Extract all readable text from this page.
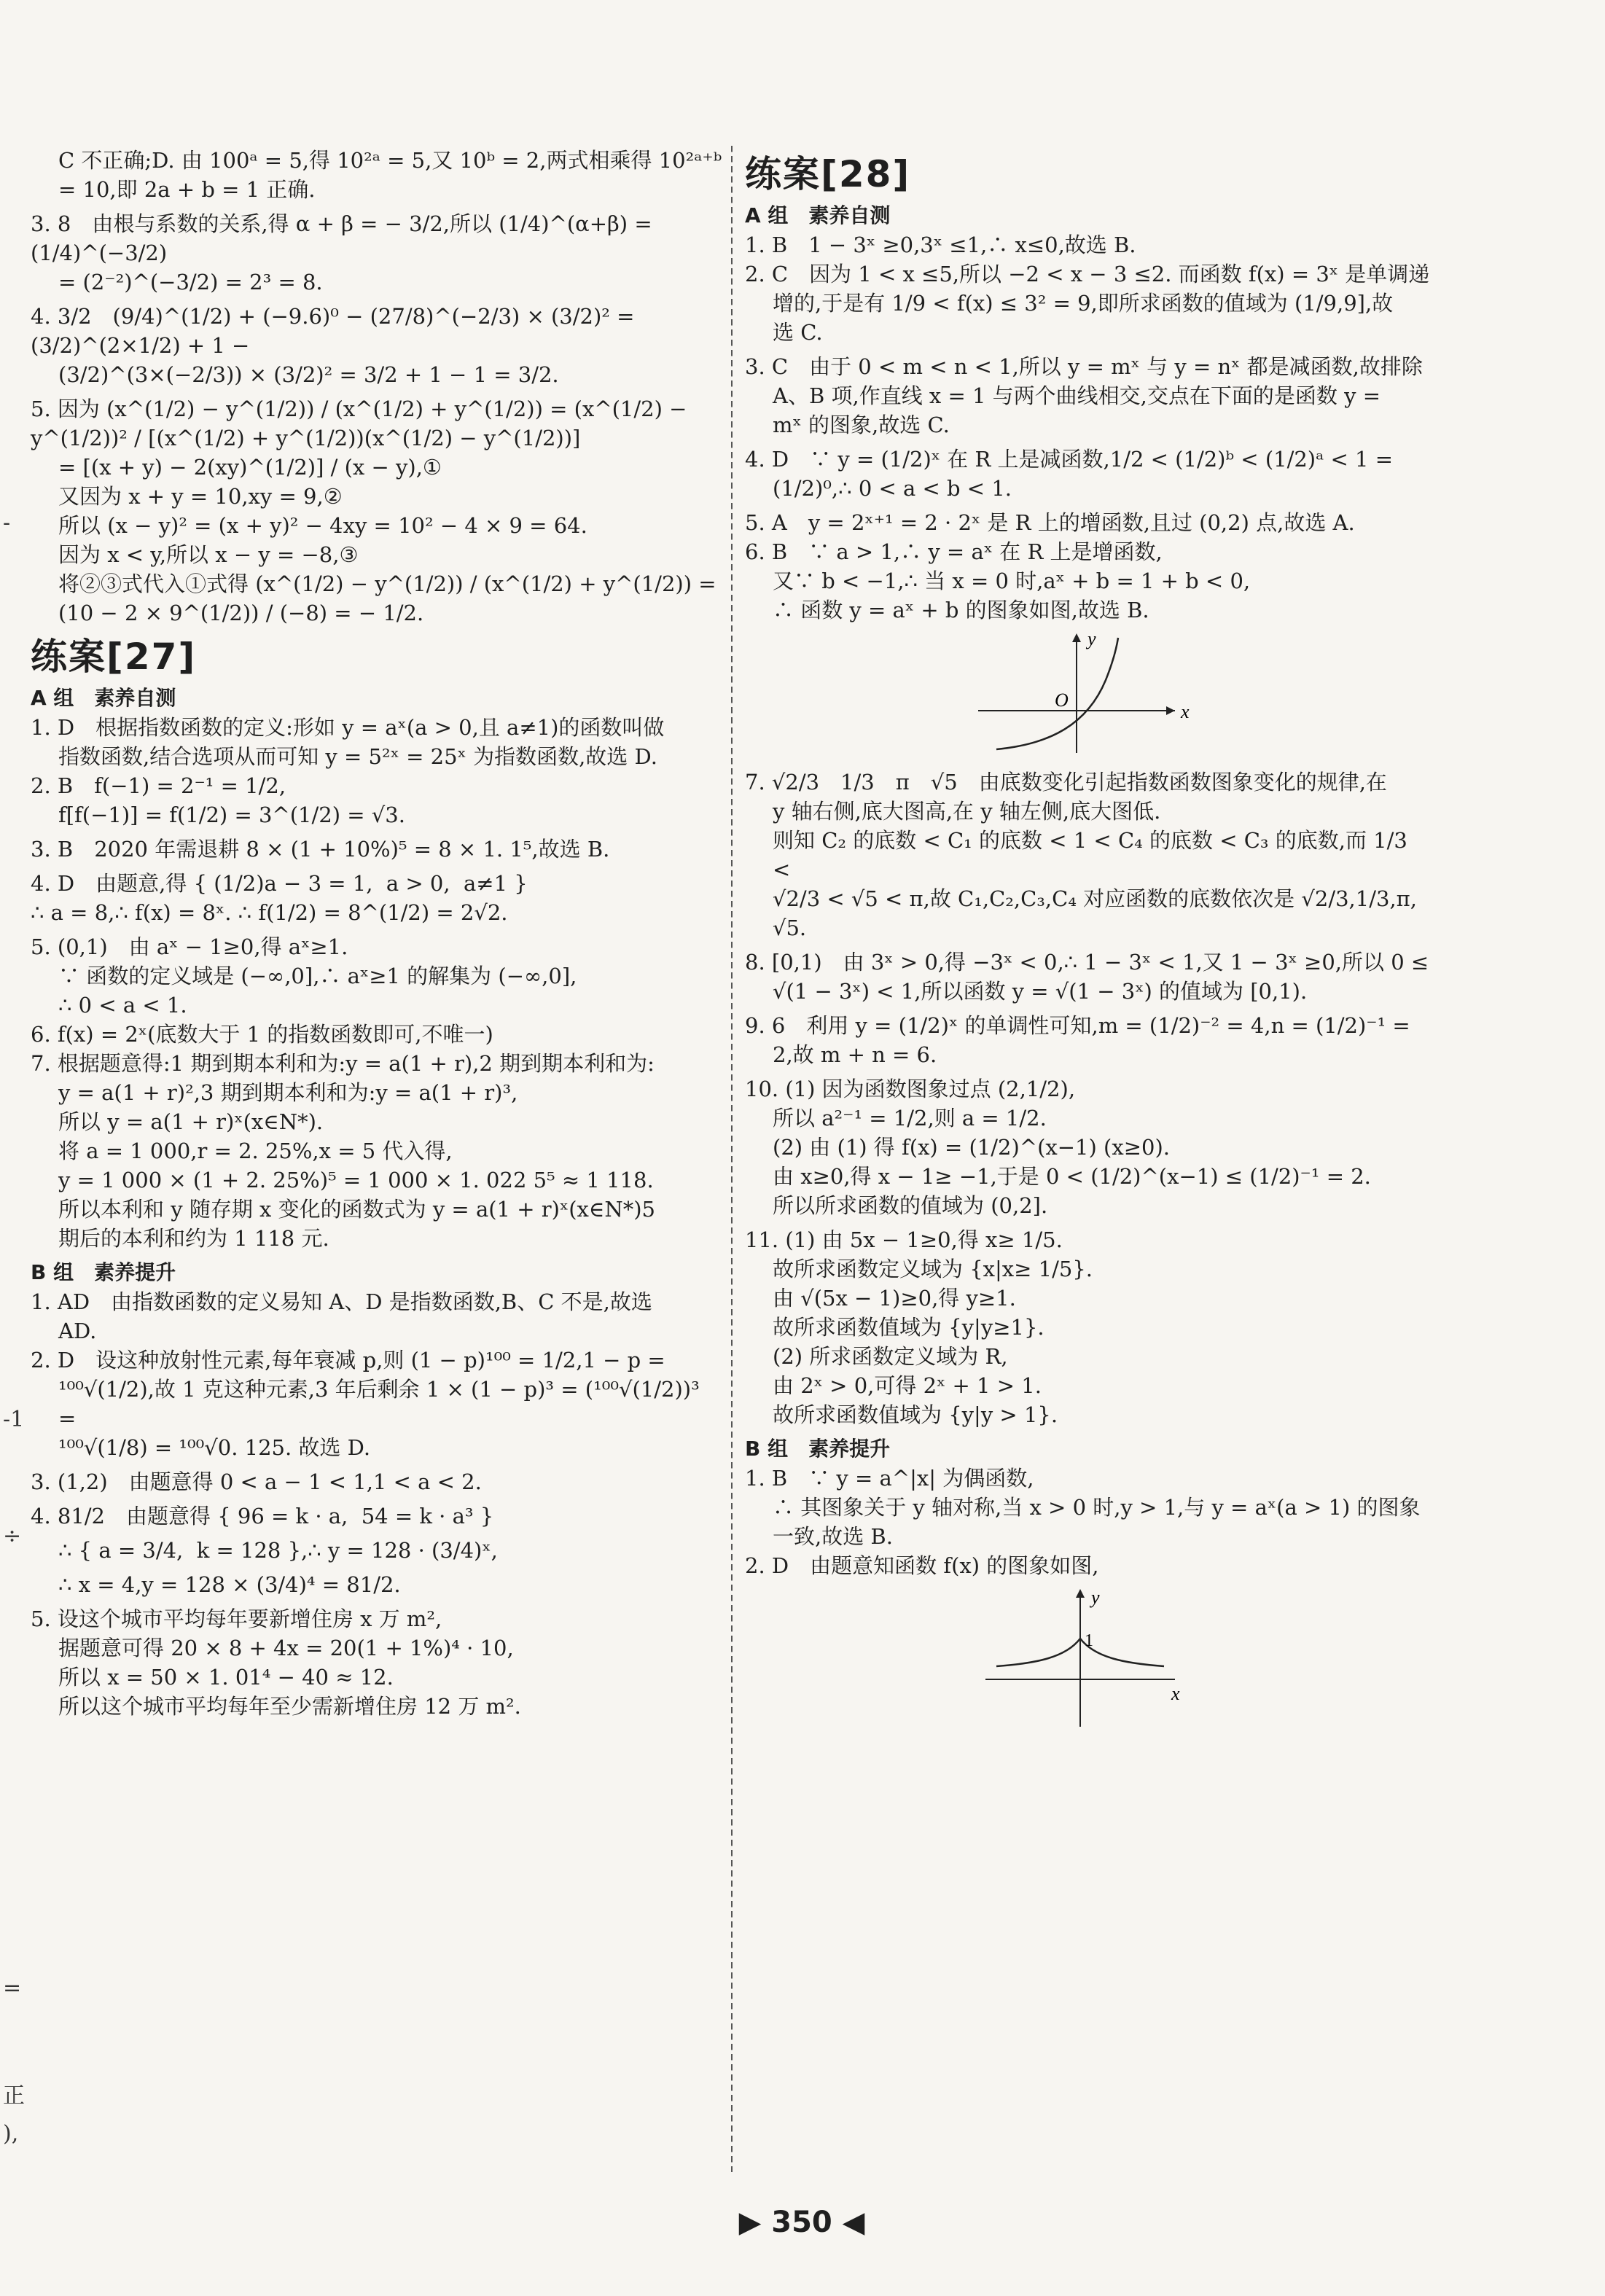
-
-1
÷
=
正
),

C 不正确;D. 由 100ᵃ = 5,得 10²ᵃ = 5,又 10ᵇ = 2,两式相乘得 10²ᵃ⁺ᵇ

= 10,即 2a + b = 1 正确.

3. 8　由根与系数的关系,得 α + β = − 3/2,所以 (1/4)^(α+β) = (1/4)^(−3/2)

= (2⁻²)^(−3/2) = 2³ = 8.

4. 3/2　(9/4)^(1/2) + (−9.6)⁰ − (27/8)^(−2/3) × (3/2)² = (3/2)^(2×1/2) + 1 −

(3/2)^(3×(−2/3)) × (3/2)² = 3/2 + 1 − 1 = 3/2.

5. 因为 (x^(1/2) − y^(1/2)) / (x^(1/2) + y^(1/2)) = (x^(1/2) − y^(1/2))² / [(x^(1/2) + y^(1/2))(x^(1/2) − y^(1/2))]

= [(x + y) − 2(xy)^(1/2)] / (x − y),①

又因为 x + y = 10,xy = 9,②

所以 (x − y)² = (x + y)² − 4xy = 10² − 4 × 9 = 64.

因为 x < y,所以 x − y = −8,③

将②③式代入①式得 (x^(1/2) − y^(1/2)) / (x^(1/2) + y^(1/2)) = (10 − 2 × 9^(1/2)) / (−8) = − 1/2.

练案[27]
A 组　素养自测

1. D　根据指数函数的定义:形如 y = aˣ(a > 0,且 a≠1)的函数叫做

指数函数,结合选项从而可知 y = 5²ˣ = 25ˣ 为指数函数,故选 D.

2. B　f(−1) = 2⁻¹ = 1/2,

f[f(−1)] = f(1/2) = 3^(1/2) = √3.

3. B　2020 年需退耕 8 × (1 + 10%)⁵ = 8 × 1. 1⁵,故选 B.

4. D　由题意,得 { (1/2)a − 3 = 1,  a > 0,  a≠1 }

∴ a = 8,∴ f(x) = 8ˣ. ∴ f(1/2) = 8^(1/2) = 2√2.

5. (0,1)　由 aˣ − 1≥0,得 aˣ≥1.

∵ 函数的定义域是 (−∞,0],∴ aˣ≥1 的解集为 (−∞,0],

∴ 0 < a < 1.

6. f(x) = 2ˣ(底数大于 1 的指数函数即可,不唯一)

7. 根据题意得:1 期到期本利和为:y = a(1 + r),2 期到期本利和为:

y = a(1 + r)²,3 期到期本利和为:y = a(1 + r)³,

所以 y = a(1 + r)ˣ(x∈N*).

将 a = 1 000,r = 2. 25%,x = 5 代入得,

y = 1 000 × (1 + 2. 25%)⁵ = 1 000 × 1. 022 5⁵ ≈ 1 118.

所以本利和 y 随存期 x 变化的函数式为 y = a(1 + r)ˣ(x∈N*)5

期后的本利和约为 1 118 元.

B 组　素养提升

1. AD　由指数函数的定义易知 A、D 是指数函数,B、C 不是,故选

AD.

2. D　设这种放射性元素,每年衰减 p,则 (1 − p)¹⁰⁰ = 1/2,1 − p =

¹⁰⁰√(1/2),故 1 克这种元素,3 年后剩余 1 × (1 − p)³ = (¹⁰⁰√(1/2))³ =

¹⁰⁰√(1/8) = ¹⁰⁰√0. 125. 故选 D.

3. (1,2)　由题意得 0 < a − 1 < 1,1 < a < 2.

4. 81/2　由题意得 { 96 = k · a,  54 = k · a³ }

∴ { a = 3/4,  k = 128 },∴ y = 128 · (3/4)ˣ,

∴ x = 4,y = 128 × (3/4)⁴ = 81/2.

5. 设这个城市平均每年要新增住房 x 万 m²,

据题意可得 20 × 8 + 4x = 20(1 + 1%)⁴ · 10,

所以 x = 50 × 1. 01⁴ − 40 ≈ 12.

所以这个城市平均每年至少需新增住房 12 万 m².

练案[28]
A 组　素养自测

1. B　1 − 3ˣ ≥0,3ˣ ≤1,∴ x≤0,故选 B.

2. C　因为 1 < x ≤5,所以 −2 < x − 3 ≤2. 而函数 f(x) = 3ˣ 是单调递

增的,于是有 1/9 < f(x) ≤ 3² = 9,即所求函数的值域为 (1/9,9],故

选 C.

3. C　由于 0 < m < n < 1,所以 y = mˣ 与 y = nˣ 都是减函数,故排除

A、B 项,作直线 x = 1 与两个曲线相交,交点在下面的是函数 y =

mˣ 的图象,故选 C.

4. D　∵ y = (1/2)ˣ 在 R 上是减函数,1/2 < (1/2)ᵇ < (1/2)ᵃ < 1 =

(1/2)⁰,∴ 0 < a < b < 1.

5. A　y = 2ˣ⁺¹ = 2 · 2ˣ 是 R 上的增函数,且过 (0,2) 点,故选 A.

6. B　∵ a > 1,∴ y = aˣ 在 R 上是增函数,

又∵ b < −1,∴ 当 x = 0 时,aˣ + b = 1 + b < 0,

∴ 函数 y = aˣ + b 的图象如图,故选 B.

y
x
O

7. √2/3　1/3　π　√5　由底数变化引起指数函数图象变化的规律,在

y 轴右侧,底大图高,在 y 轴左侧,底大图低.

则知 C₂ 的底数 < C₁ 的底数 < 1 < C₄ 的底数 < C₃ 的底数,而 1/3 <

√2/3 < √5 < π,故 C₁,C₂,C₃,C₄ 对应函数的底数依次是 √2/3,1/3,π,

√5.

8. [0,1)　由 3ˣ > 0,得 −3ˣ < 0,∴ 1 − 3ˣ < 1,又 1 − 3ˣ ≥0,所以 0 ≤

√(1 − 3ˣ) < 1,所以函数 y = √(1 − 3ˣ) 的值域为 [0,1).

9. 6　利用 y = (1/2)ˣ 的单调性可知,m = (1/2)⁻² = 4,n = (1/2)⁻¹ =

2,故 m + n = 6.

10. (1) 因为函数图象过点 (2,1/2),

所以 a²⁻¹ = 1/2,则 a = 1/2.

(2) 由 (1) 得 f(x) = (1/2)^(x−1) (x≥0).

由 x≥0,得 x − 1≥ −1,于是 0 < (1/2)^(x−1) ≤ (1/2)⁻¹ = 2.

所以所求函数的值域为 (0,2].

11. (1) 由 5x − 1≥0,得 x≥ 1/5.

故所求函数定义域为 {x|x≥ 1/5}.

由 √(5x − 1)≥0,得 y≥1.

故所求函数值域为 {y|y≥1}.

(2) 所求函数定义域为 R,

由 2ˣ > 0,可得 2ˣ + 1 > 1.

故所求函数值域为 {y|y > 1}.

B 组　素养提升

1. B　∵ y = a^|x| 为偶函数,

∴ 其图象关于 y 轴对称,当 x > 0 时,y > 1,与 y = aˣ(a > 1) 的图象

一致,故选 B.

2. D　由题意知函数 f(x) 的图象如图,

y
x
1
▶ 350 ◀
